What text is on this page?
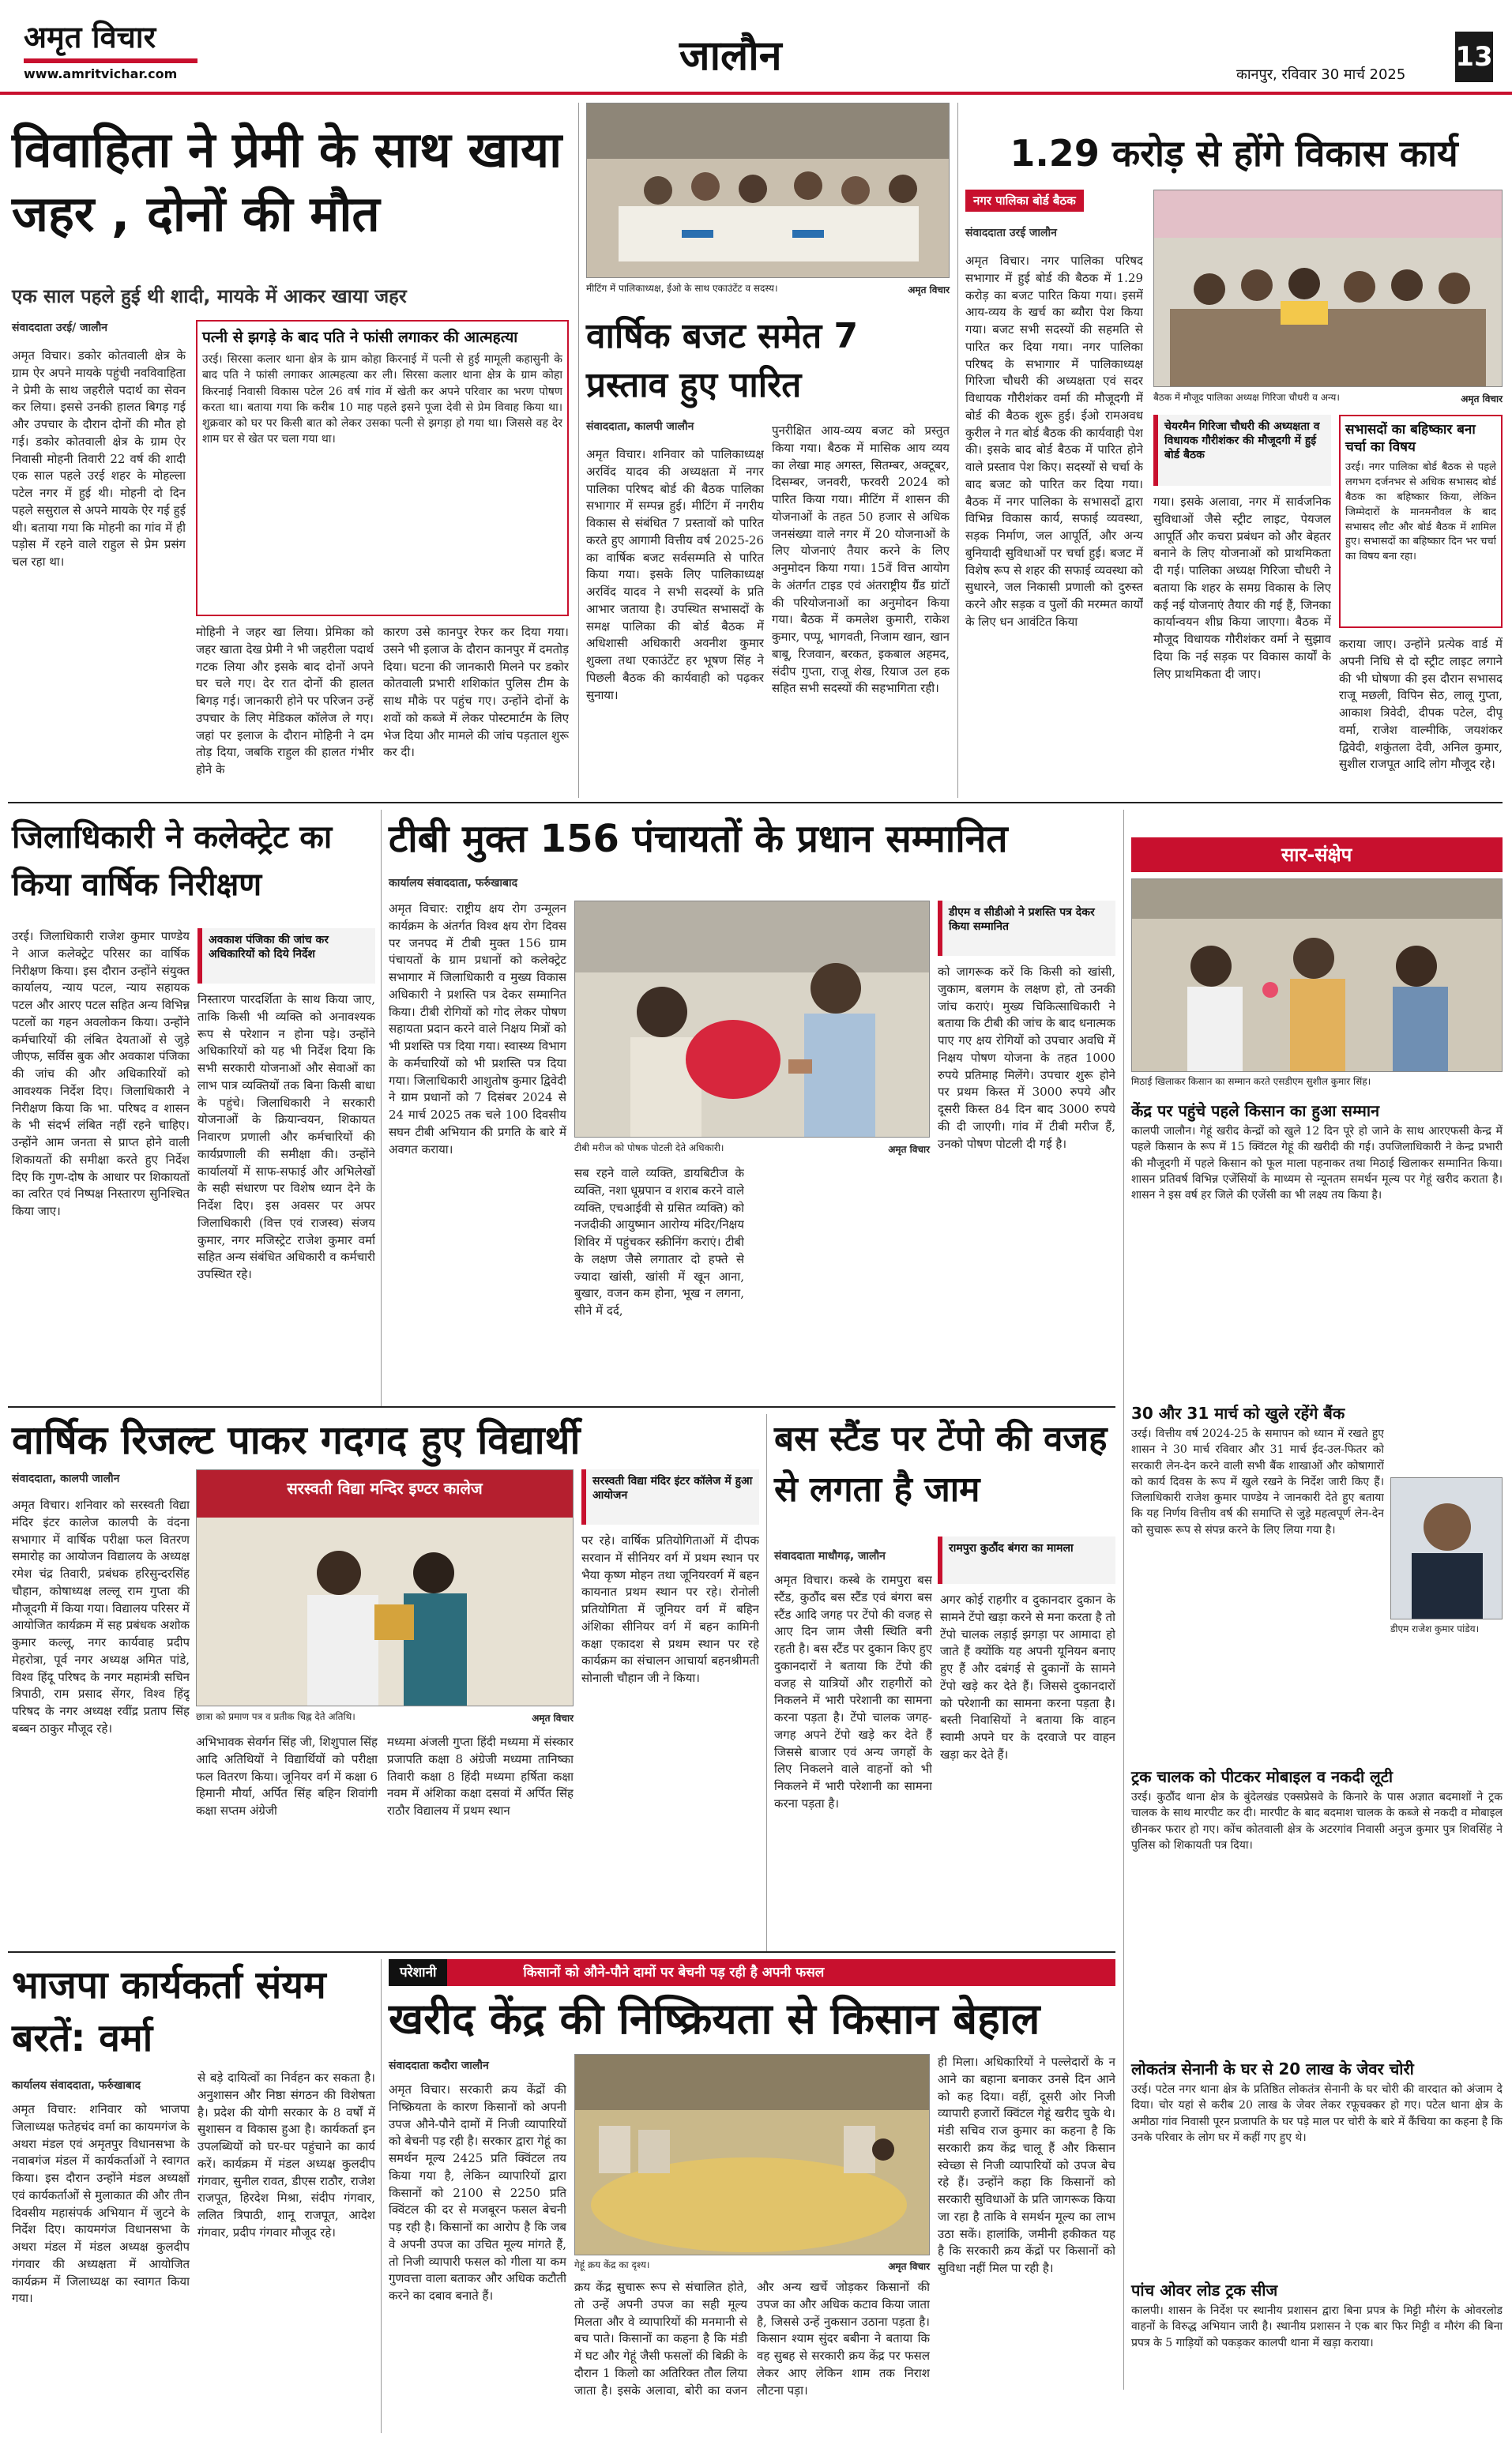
अमृत विचार
www.amritvichar.com	जालौन	कानपुर, रविवार 30 मार्च 2025
13
विवाहिता ने प्रेमी के साथ खाया जहर , दोनों की मौत
एक साल पहले हुई थी शादी, मायके में आकर खाया जहर
संवाददाता उरई/ जालौन
अमृत विचार। डकोर कोतवाली क्षेत्र के ग्राम ऐर अपने मायके पहुंची नवविवाहिता ने प्रेमी के साथ जहरीले पदार्थ का सेवन कर लिया। इससे उनकी हालत बिगड़ गई और उपचार के दौरान दोनों की मौत हो गई। डकोर कोतवाली क्षेत्र के ग्राम ऐर निवासी मोहनी तिवारी 22 वर्ष की शादी एक साल पहले उरई शहर के मोहल्ला पटेल नगर में हुई थी। मोहनी दो दिन पहले ससुराल से अपने मायके ऐर गई हुई थी। बताया गया कि मोहनी का गांव में ही पड़ोस में रहने वाले राहुल से प्रेम प्रसंग चल रहा था।
पत्नी से झगड़े के बाद पति ने फांसी लगाकर की आत्महत्या
उरई। सिरसा कलार थाना क्षेत्र के ग्राम कोहा किरनाई में पत्नी से हुई मामूली कहासुनी के बाद पति ने फांसी लगाकर आत्महत्या कर ली। सिरसा कलार थाना क्षेत्र के ग्राम कोहा किरनाई निवासी विकास पटेल 26 वर्ष गांव में खेती कर अपने परिवार का भरण पोषण करता था। बताया गया कि करीब 10 माह पहले इसने पूजा देवी से प्रेम विवाह किया था। शुक्रवार को घर पर किसी बात को लेकर उसका पत्नी से झगड़ा हो गया था। जिससे वह देर शाम घर से खेत पर चला गया था।
मोहिनी ने जहर खा लिया। प्रेमिका को जहर खाता देख प्रेमी ने भी जहरीला पदार्थ गटक लिया और इसके बाद दोनों अपने घर चले गए। देर रात दोनों की हालत बिगड़ गई। जानकारी होने पर परिजन उन्हें उपचार के लिए मेडिकल कॉलेज ले गए। जहां पर इलाज के दौरान मोहिनी ने दम तोड़ दिया, जबकि राहुल की हालत गंभीर होने के
कारण उसे कानपुर रेफर कर दिया गया। उसने भी इलाज के दौरान कानपुर में दमतोड़ दिया। घटना की जानकारी मिलने पर डकोर कोतवाली प्रभारी शशिकांत पुलिस टीम के साथ मौके पर पहुंच गए। उन्होंने दोनों के शवों को कब्जे में लेकर पोस्टमार्टम के लिए भेज दिया और मामले की जांच पड़ताल शुरू कर दी।
मीटिंग में पालिकाध्यक्ष, ईओ के साथ एकाउंटेंट व सदस्य।	अमृत विचार
वार्षिक बजट समेत 7 प्रस्ताव हुए पारित
संवाददाता, कालपी जालौन
अमृत विचार। शनिवार को पालिकाध्यक्ष अरविंद यादव की अध्यक्षता में नगर पालिका परिषद बोर्ड की बैठक पालिका सभागार में सम्पन्न हुई। मीटिंग में नगरीय विकास से संबंधित 7 प्रस्तावों को पारित करते हुए आगामी वित्तीय वर्ष 2025-26 का वार्षिक बजट सर्वसम्मति से पारित किया गया। इसके लिए पालिकाध्यक्ष अरविंद यादव ने सभी सदस्यों के प्रति आभार जताया है। उपस्थित सभासदों के समक्ष पालिका की बोर्ड बैठक में अधिशासी अधिकारी अवनीश कुमार शुक्ला तथा एकाउंटेंट हर भूषण सिंह ने पिछली बैठक की कार्यवाही को पढ़कर सुनाया।
पुनरीक्षित आय-व्यय बजट को प्रस्तुत किया गया। बैठक में मासिक आय व्यय का लेखा माह अगस्त, सितम्बर, अक्टूबर, दिसम्बर, जनवरी, फरवरी 2024 को पारित किया गया। मीटिंग में शासन की योजनाओं के तहत 50 हजार से अधिक जनसंख्या वाले नगर में 20 योजनाओं के लिए योजनाएं तैयार करने के लिए अनुमोदन किया गया। 15वें वित्त आयोग के अंतर्गत टाइड एवं अंतराष्ट्रीय ग्रैंड ग्रांटों की परियोजनाओं का अनुमोदन किया गया। बैठक में कमलेश कुमारी, राकेश कुमार, पप्पू, भागवती, निजाम खान, खान बाबू, रिजवान, बरकत, इकबाल अहमद, संदीप गुप्ता, राजू शेख, रियाज उल हक सहित सभी सदस्यों की सहभागिता रही।
1.29 करोड़ से होंगे विकास कार्य
नगर पालिका बोर्ड बैठक
संवाददाता उरई जालौन
अमृत विचार। नगर पालिका परिषद सभागार में हुई बोर्ड की बैठक में 1.29 करोड़ का बजट पारित किया गया। इसमें आय-व्यय के खर्च का ब्यौरा पेश किया गया। बजट सभी सदस्यों की सहमति से पारित कर दिया गया। नगर पालिका परिषद के सभागार में पालिकाध्यक्ष गिरिजा चौधरी की अध्यक्षता एवं सदर विधायक गौरीशंकर वर्मा की मौजूदगी में बोर्ड की बैठक शुरू हुई। ईओ रामअवध कुरील ने गत बोर्ड बैठक की कार्यवाही पेश की। इसके बाद बोर्ड बैठक में पारित होने वाले प्रस्ताव पेश किए। सदस्यों से चर्चा के बाद बजट को पारित कर दिया गया। बैठक में नगर पालिका के सभासदों द्वारा विभिन्न विकास कार्य, सफाई व्यवस्था, सड़क निर्माण, जल आपूर्ति, और अन्य बुनियादी सुविधाओं पर चर्चा हुई। बजट में विशेष रूप से शहर की सफाई व्यवस्था को सुधारने, जल निकासी प्रणाली को दुरुस्त करने और सड़क व पुलों की मरम्मत कार्यों के लिए धन आवंटित किया
बैठक में मौजूद पालिका अध्यक्ष गिरिजा चौधरी व अन्य।	अमृत विचार
चेयरमैन गिरिजा चौधरी की अध्यक्षता व विधायक गौरीशंकर की मौजूदगी में हुई बोर्ड बैठक
गया। इसके अलावा, नगर में सार्वजनिक सुविधाओं जैसे स्ट्रीट लाइट, पेयजल आपूर्ति और कचरा प्रबंधन को और बेहतर बनाने के लिए योजनाओं को प्राथमिकता दी गई। पालिका अध्यक्ष गिरिजा चौधरी ने बताया कि शहर के समग्र विकास के लिए कई नई योजनाएं तैयार की गई हैं, जिनका कार्यान्वयन शीघ्र किया जाएगा। बैठक में मौजूद विधायक गौरीशंकर वर्मा ने सुझाव दिया कि नई सड़क पर विकास कार्यों के लिए प्राथमिकता दी जाए।
सभासदों का बहिष्कार बना चर्चा का विषय
उरई। नगर पालिका बोर्ड बैठक से पहले लगभग दर्जनभर से अधिक सभासद बोर्ड बैठक का बहिष्कार किया, लेकिन जिम्मेदारों के मानमनौवल के बाद सभासद लौट और बोर्ड बैठक में शामिल हुए। सभासदों का बहिष्कार दिन भर चर्चा का विषय बना रहा।
कराया जाए। उन्होंने प्रत्येक वार्ड में अपनी निधि से दो स्ट्रीट लाइट लगाने की भी घोषणा की इस दौरान सभासद राजू मछली, विपिन सेठ, लालू गुप्ता, आकाश त्रिवेदी, दीपक पटेल, दीपू वर्मा, राजेश वाल्मीकि, जयशंकर द्विवेदी, शकुंतला देवी, अनिल कुमार, सुशील राजपूत आदि लोग मौजूद रहे।
जिलाधिकारी ने कलेक्ट्रेट का किया वार्षिक निरीक्षण
उरई। जिलाधिकारी राजेश कुमार पाण्डेय ने आज कलेक्ट्रेट परिसर का वार्षिक निरीक्षण किया। इस दौरान उन्होंने संयुक्त कार्यालय, न्याय पटल, न्याय सहायक पटल और आरए पटल सहित अन्य विभिन्न पटलों का गहन अवलोकन किया। उन्होंने कर्मचारियों की लंबित देयताओं से जुड़े जीएफ, सर्विस बुक और अवकाश पंजिका की जांच की और अधिकारियों को आवश्यक निर्देश दिए। जिलाधिकारी ने निरीक्षण किया कि भा. परिषद व शासन के भी संदर्भ लंबित नहीं रहने चाहिए। उन्होंने आम जनता से प्राप्त होने वाली शिकायतों की समीक्षा करते हुए निर्देश दिए कि गुण-दोष के आधार पर शिकायतों का त्वरित एवं निष्पक्ष निस्तारण सुनिश्चित किया जाए।
अवकाश पंजिका की जांच कर अधिकारियों को दिये निर्देश
निस्तारण पारदर्शिता के साथ किया जाए, ताकि किसी भी व्यक्ति को अनावश्यक रूप से परेशान न होना पड़े। उन्होंने अधिकारियों को यह भी निर्देश दिया कि सभी सरकारी योजनाओं और सेवाओं का लाभ पात्र व्यक्तियों तक बिना किसी बाधा के पहुंचे। जिलाधिकारी ने सरकारी योजनाओं के क्रियान्वयन, शिकायत निवारण प्रणाली और कर्मचारियों की कार्यप्रणाली की समीक्षा की। उन्होंने कार्यालयों में साफ-सफाई और अभिलेखों के सही संधारण पर विशेष ध्यान देने के निर्देश दिए। इस अवसर पर अपर जिलाधिकारी (वित्त एवं राजस्व) संजय कुमार, नगर मजिस्ट्रेट राजेश कुमार वर्मा सहित अन्य संबंधित अधिकारी व कर्मचारी उपस्थित रहे।
टीबी मुक्त 156 पंचायतों के प्रधान सम्मानित
कार्यालय संवाददाता, फर्रुखाबाद
अमृत विचार: राष्ट्रीय क्षय रोग उन्मूलन कार्यक्रम के अंतर्गत विश्व क्षय रोग दिवस पर जनपद में टीबी मुक्त 156 ग्राम पंचायतों के ग्राम प्रधानों को कलेक्ट्रेट सभागार में जिलाधिकारी व मुख्य विकास अधिकारी ने प्रशस्ति पत्र देकर सम्मानित किया। टीबी रोगियों को गोद लेकर पोषण सहायता प्रदान करने वाले निक्षय मित्रों को भी प्रशस्ति पत्र दिया गया। स्वास्थ्य विभाग के कर्मचारियों को भी प्रशस्ति पत्र दिया गया। जिलाधिकारी आशुतोष कुमार द्विवेदी ने ग्राम प्रधानों को 7 दिसंबर 2024 से 24 मार्च 2025 तक चले 100 दिवसीय सघन टीबी अभियान की प्रगति के बारे में अवगत कराया।	टीबी मरीज को पोषक पोटली देते अधिकारी।	अमृत विचार
सब रहने वाले व्यक्ति, डायबिटीज के व्यक्ति, नशा धूम्रपान व शराब करने वाले व्यक्ति, एचआईवी से ग्रसित व्यक्ति) को नजदीकी आयुष्मान आरोग्य मंदिर/निक्षय शिविर में पहुंचकर स्क्रीनिंग कराएं। टीबी के लक्षण जैसे लगातार दो हफ्ते से ज्यादा खांसी, खांसी में खून आना, बुखार, वजन कम होना, भूख न लगना, सीने में दर्द,
डीएम व सीडीओ ने प्रशस्ति पत्र देकर किया सम्मानित
को जागरूक करें कि किसी को खांसी, जुकाम, बलगम के लक्षण हो, तो उनकी जांच कराएं। मुख्य चिकित्साधिकारी ने बताया कि टीबी की जांच के बाद धनात्मक पाए गए क्षय रोगियों को उपचार अवधि में निक्षय पोषण योजना के तहत 1000 रुपये प्रतिमाह मिलेंगे। उपचार शुरू होने पर प्रथम किस्त में 3000 रुपये और दूसरी किस्त 84 दिन बाद 3000 रुपये की दी जाएगी। गांव में टीबी मरीज हैं, उनको पोषण पोटली दी गई है।
सार-संक्षेप
मिठाई खिलाकर किसान का सम्मान करते एसडीएम सुशील कुमार सिंह।
केंद्र पर पहुंचे पहले किसान का हुआ सम्मान
कालपी जालौन। गेहूं खरीद केन्द्रों को खुले 12 दिन पूरे हो जाने के साथ आरएफसी केन्द्र में पहले किसान के रूप में 15 क्विंटल गेहूं की खरीदी की गई। उपजिलाधिकारी ने केन्द्र प्रभारी की मौजूदगी में पहले किसान को फूल माला पहनाकर तथा मिठाई खिलाकर सम्मानित किया। शासन प्रतिवर्ष विभिन्न एजेंसियों के माध्यम से न्यूनतम समर्थन मूल्य पर गेहूं खरीद कराता है। शासन ने इस वर्ष हर जिले की एजेंसी का भी लक्ष्य तय किया है।
30 और 31 मार्च को खुले रहेंगे बैंक
उरई। वित्तीय वर्ष 2024-25 के समापन को ध्यान में रखते हुए शासन ने 30 मार्च रविवार और 31 मार्च ईद-उल-फितर को सरकारी लेन-देन करने वाली सभी बैंक शाखाओं और कोषागारों को कार्य दिवस के रूप में खुले रखने के निर्देश जारी किए हैं। जिलाधिकारी राजेश कुमार पाण्डेय ने जानकारी देते हुए बताया कि यह निर्णय वित्तीय वर्ष की समाप्ति से जुड़े महत्वपूर्ण लेन-देन को सुचारू रूप से संपन्न करने के लिए लिया गया है।
डीएम राजेश कुमार पांडेय।
ट्रक चालक को पीटकर मोबाइल व नकदी लूटी
उरई। कुठौंद थाना क्षेत्र के बुंदेलखंड एक्सप्रेसवे के किनारे के पास अज्ञात बदमाशों ने ट्रक चालक के साथ मारपीट कर दी। मारपीट के बाद बदमाश चालक के कब्जे से नकदी व मोबाइल छीनकर फरार हो गए। कोंच कोतवाली क्षेत्र के अटरगांव निवासी अनुज कुमार पुत्र शिवसिंह ने पुलिस को शिकायती पत्र दिया।
लोकतंत्र सेनानी के घर से 20 लाख के जेवर चोरी
उरई। पटेल नगर थाना क्षेत्र के प्रतिष्ठित लोकतंत्र सेनानी के घर चोरी की वारदात को अंजाम दे दिया। चोर यहां से करीब 20 लाख के जेवर लेकर रफूचक्कर हो गए। पटेल थाना क्षेत्र के अमीठा गांव निवासी पूरन प्रजापति के घर पड़े माल पर चोरी के बारे में कैंचिया का कहना है कि उनके परिवार के लोग घर में कहीं गए हुए थे।
पांच ओवर लोड ट्रक सीज
कालपी। शासन के निर्देश पर स्थानीय प्रशासन द्वारा बिना प्रपत्र के मिट्टी मौरंग के ओवरलोड वाहनों के विरुद्ध अभियान जारी है। स्थानीय प्रशासन ने एक बार फिर मिट्टी व मौरंग की बिना प्रपत्र के 5 गाड़ियों को पकड़कर कालपी थाना में खड़ा कराया।
वार्षिक रिजल्ट पाकर गदगद हुए विद्यार्थी
संवाददाता, कालपी जालौन
अमृत विचार। शनिवार को सरस्वती विद्या मंदिर इंटर कालेज कालपी के वंदना सभागार में वार्षिक परीक्षा फल वितरण समारोह का आयोजन विद्यालय के अध्यक्ष रमेश चंद्र तिवारी, प्रबंधक हरिसुन्दरसिंह चौहान, कोषाध्यक्ष लल्लू राम गुप्ता की मौजूदगी में किया गया। विद्यालय परिसर में आयोजित कार्यक्रम में सह प्रबंधक अशोक कुमार कल्लू, नगर कार्यवाह प्रदीप मेहरोत्रा, पूर्व नगर अध्यक्ष अमित पांडे, विश्व हिंदू परिषद के नगर महामंत्री सचिन त्रिपाठी, राम प्रसाद सेंगर, विश्व हिंदू परिषद के नगर अध्यक्ष रवींद्र प्रताप सिंह बब्बन ठाकुर मौजूद रहे।
सरस्वती विद्या मन्दिर इण्टर कालेज
छात्रा को प्रमाण पत्र व प्रतीक चिह्न देते अतिथि।	अमृत विचार
अभिभावक सेवर्गन सिंह जी, शिशुपाल सिंह आदि अतिथियों ने विद्यार्थियों को परीक्षा फल वितरण किया। जूनियर वर्ग में कक्षा 6 हिमानी मौर्या, अर्पित सिंह बहिन शिवांगी कक्षा सप्तम अंग्रेजी
मध्यमा अंजली गुप्ता हिंदी मध्यमा में संस्कार प्रजापति कक्षा 8 अंग्रेजी मध्यमा तानिष्का तिवारी कक्षा 8 हिंदी मध्यमा हर्षिता कक्षा नवम में अंशिका कक्षा दसवां में अर्पित सिंह राठौर विद्यालय में प्रथम स्थान
सरस्वती विद्या मंदिर इंटर कॉलेज में हुआ आयोजन
पर रहे। वार्षिक प्रतियोगिताओं में दीपक सरवान में सीनियर वर्ग में प्रथम स्थान पर भैया कृष्ण मोहन तथा जूनियरवर्ग में बहन कायनात प्रथम स्थान पर रहे। रोनोली प्रतियोगिता में जूनियर वर्ग में बहिन अंशिका सीनियर वर्ग में बहन कामिनी कक्षा एकादश से प्रथम स्थान पर रहे कार्यक्रम का संचालन आचार्या बहनश्रीमती सोनाली चौहान जी ने किया।
बस स्टैंड पर टेंपो की वजह से लगता है जाम
रामपुरा कुठौंद बंगरा का मामला
संवाददाता माधौगढ़, जालौन
अमृत विचार। कस्बे के रामपुरा बस स्टैंड, कुठौंद बस स्टैंड एवं बंगरा बस स्टैंड आदि जगह पर टेंपो की वजह से आए दिन जाम जैसी स्थिति बनी रहती है। बस स्टैंड पर दुकान किए हुए दुकानदारों ने बताया कि टेंपो की वजह से यात्रियों और राहगीरों को निकलने में भारी परेशानी का सामना करना पड़ता है। टेंपो चालक जगह-जगह अपने टेंपो खड़े कर देते हैं जिससे बाजार एवं अन्य जगहों के लिए निकलने वाले वाहनों को भी निकलने में भारी परेशानी का सामना करना पड़ता है।
अगर कोई राहगीर व दुकानदार दुकान के सामने टेंपो खड़ा करने से मना करता है तो टेंपो चालक लड़ाई झगड़ा पर आमादा हो जाते हैं क्योंकि यह अपनी यूनियन बनाए हुए हैं और दबंगई से दुकानों के सामने टेंपो खड़े कर देते हैं। जिससे दुकानदारों को परेशानी का सामना करना पड़ता है। बस्ती निवासियों ने बताया कि वाहन स्वामी अपने घर के दरवाजे पर वाहन खड़ा कर देते हैं।
भाजपा कार्यकर्ता संयम बरतें: वर्मा
कार्यालय संवाददाता, फर्रुखाबाद
अमृत विचार: शनिवार को भाजपा जिलाध्यक्ष फतेहचंद वर्मा का कायमगंज के अथरा मंडल एवं अमृतपुर विधानसभा के नवाबगंज मंडल में कार्यकर्ताओं ने स्वागत किया। इस दौरान उन्होंने मंडल अध्यक्षों एवं कार्यकर्ताओं से मुलाकात की और तीन दिवसीय महासंपर्क अभियान में जुटने के निर्देश दिए। कायमगंज विधानसभा के अथरा मंडल में मंडल अध्यक्ष कुलदीप गंगवार की अध्यक्षता में आयोजित कार्यक्रम में जिलाध्यक्ष का स्वागत किया गया।
से बड़े दायित्वों का निर्वहन कर सकता है। अनुशासन और निष्ठा संगठन की विशेषता है। प्रदेश की योगी सरकार के 8 वर्षों में सुशासन व विकास हुआ है। कार्यकर्ता इन उपलब्धियों को घर-घर पहुंचाने का कार्य करें। कार्यक्रम में मंडल अध्यक्ष कुलदीप गंगवार, सुनील रावत, डीएस राठौर, राजेश राजपूत, हिरदेश मिश्रा, संदीप गंगवार, ललित त्रिपाठी, शानू राजपूत, आदेश गंगवार, प्रदीप गंगवार मौजूद रहे।
परेशानी	किसानों को औने-पौने दामों पर बेचनी पड़ रही है अपनी फसल
खरीद केंद्र की निष्क्रियता से किसान बेहाल
संवाददाता कदौरा जालौन
गेहूं क्रय केंद्र का दृश्य।	अमृत विचार
अमृत विचार। सरकारी क्रय केंद्रों की निष्क्रियता के कारण किसानों को अपनी उपज औने-पौने दामों में निजी व्यापारियों को बेचनी पड़ रही है। सरकार द्वारा गेहूं का समर्थन मूल्य 2425 प्रति क्विंटल तय किया गया है, लेकिन व्यापारियों द्वारा किसानों को 2100 से 2250 प्रति क्विंटल की दर से मजबूरन फसल बेचनी पड़ रही है। किसानों का आरोप है कि जब वे अपनी उपज का उचित मूल्य मांगते हैं, तो निजी व्यापारी फसल को गीला या कम गुणवत्ता वाला बताकर और अधिक कटौती करने का दबाव बनाते हैं।
क्रय केंद्र सुचारू रूप से संचालित होते, तो उन्हें अपनी उपज का सही मूल्य मिलता और वे व्यापारियों की मनमानी से बच पाते। किसानों का कहना है कि मंडी में घट और गेहूं जैसी फसलों की बिक्री के दौरान 1 किलो का अतिरिक्त तौल लिया जाता है। इसके अलावा, बोरी का वजन और अन्य खर्चे जोड़कर किसानों की उपज का और अधिक कटाव किया जाता है, जिससे उन्हें नुकसान उठाना पड़ता है। किसान श्याम सुंदर बबीना ने बताया कि वह सुबह से सरकारी क्रय केंद्र पर फसल लेकर आए लेकिन शाम तक निराश लौटना पड़ा।
ही मिला। अधिकारियों ने पल्लेदारों के न आने का बहाना बनाकर उनसे दिन आने को कह दिया। वहीं, दूसरी ओर निजी व्यापारी हजारों क्विंटल गेहूं खरीद चुके थे। मंडी सचिव राज कुमार का कहना है कि सरकारी क्रय केंद्र चालू हैं और किसान स्वेच्छा से निजी व्यापारियों को उपज बेच रहे हैं। उन्होंने कहा कि किसानों को सरकारी सुविधाओं के प्रति जागरूक किया जा रहा है ताकि वे समर्थन मूल्य का लाभ उठा सकें। हालांकि, जमीनी हकीकत यह है कि सरकारी क्रय केंद्रों पर किसानों को सुविधा नहीं मिल पा रही है।
